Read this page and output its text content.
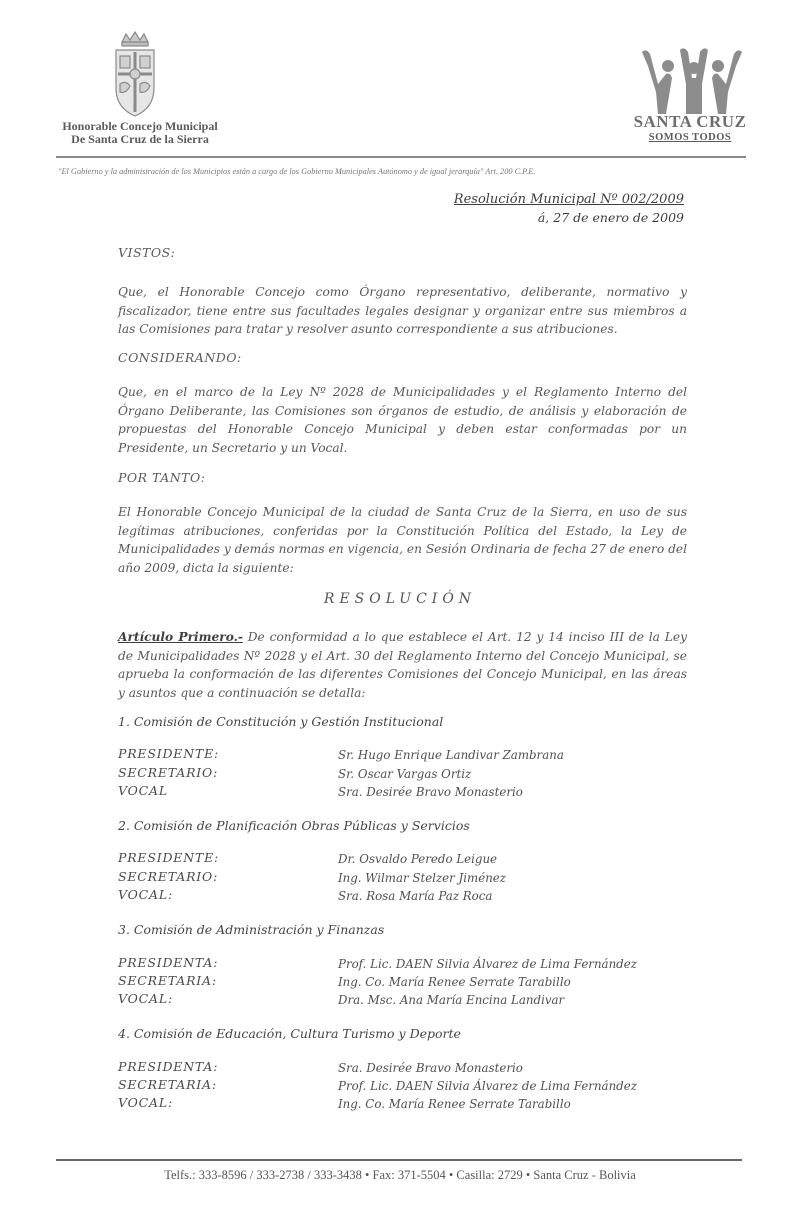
Honorable Concejo Municipal
De Santa Cruz de la Sierra
SANTA CRUZ
SOMOS TODOS
"El Gobierno y la administración de los Municipios están a cargo de los Gobierno Municipales Autónomo y de igual jerarquía" Art. 200 C.P.E.
Resolución Municipal Nº 002/2009
á, 27 de enero de 2009
VISTOS:
Que, el Honorable Concejo como Órgano representativo, deliberante, normativo y fiscalizador, tiene entre sus facultades legales designar y organizar entre sus miembros a las Comisiones para tratar y resolver asunto correspondiente a sus atribuciones.
CONSIDERANDO:
Que, en el marco de la Ley Nº 2028 de Municipalidades y el Reglamento Interno del Órgano Deliberante, las Comisiones son órganos de estudio, de análisis y elaboración de propuestas del Honorable Concejo Municipal y deben estar conformadas por un Presidente, un Secretario y un Vocal.
POR TANTO:
El Honorable Concejo Municipal de la ciudad de Santa Cruz de la Sierra, en uso de sus legítimas atribuciones, conferidas por la Constitución Política del Estado, la Ley de Municipalidades y demás normas en vigencia, en Sesión Ordinaria de fecha 27 de enero del año 2009, dicta la siguiente:
RESOLUCIÓN
Artículo Primero.- De conformidad a lo que establece el Art. 12 y 14 inciso III de la Ley de Municipalidades Nº 2028 y el Art. 30 del Reglamento Interno del Concejo Municipal, se aprueba la conformación de las diferentes Comisiones del Concejo Municipal, en las áreas y asuntos que a continuación se detalla:
1. Comisión de Constitución y Gestión Institucional
PRESIDENTE:	Sr. Hugo Enrique Landivar Zambrana
SECRETARIO:	Sr. Oscar Vargas Ortiz
VOCAL	Sra. Desirée Bravo Monasterio
2. Comisión de Planificación Obras Públicas y Servicios
PRESIDENTE:	Dr. Osvaldo Peredo Leigue
SECRETARIO:	Ing. Wilmar Stelzer Jiménez
VOCAL:	Sra. Rosa María Paz Roca
3. Comisión de Administración y Finanzas
PRESIDENTA:	Prof. Lic. DAEN Silvia Álvarez de Lima Fernández
SECRETARIA:	Ing. Co. María Renee Serrate Tarabillo
VOCAL:	Dra. Msc. Ana María Encina Landivar
4. Comisión de Educación, Cultura Turismo y Deporte
PRESIDENTA:	Sra. Desirée Bravo Monasterio
SECRETARIA:	Prof. Lic. DAEN Silvia Álvarez de Lima Fernández
VOCAL:	Ing. Co. María Renee Serrate Tarabillo
Telfs.: 333-8596 / 333-2738 / 333-3438 • Fax: 371-5504 • Casilla: 2729 • Santa Cruz - Bolivia
